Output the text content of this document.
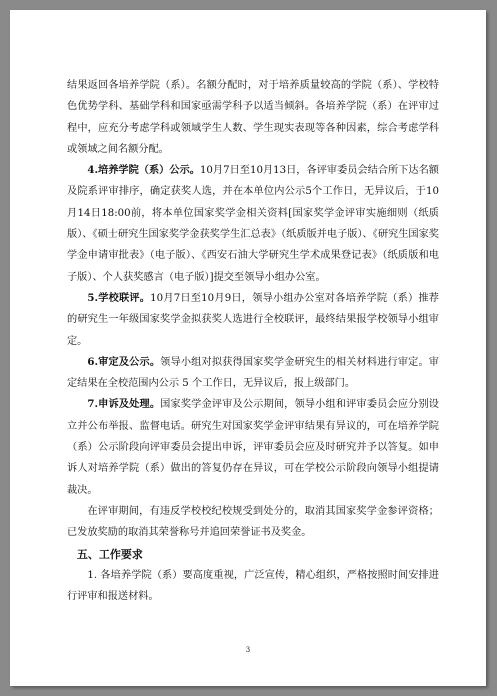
结果返回各培养学院（系）。名额分配时，对于培养质量较高的学院（系）、学校特色优势学科、基础学科和国家亟需学科予以适当倾斜。各培养学院（系）在评审过程中，应充分考虑学科或领域学生人数、学生现实表现等各种因素，综合考虑学科或领域之间名额分配。

4.培养学院（系）公示。10月7日至10月13日，各评审委员会结合所下达名额及院系评审排序，确定获奖人选，并在本单位内公示5个工作日，无异议后，于10月14日18:00前，将本单位国家奖学金相关资料[国家奖学金评审实施细则（纸质版）、《硕士研究生国家奖学金获奖学生汇总表》（纸质版并电子版）、《研究生国家奖学金申请审批表》（电子版）、《西安石油大学研究生学术成果登记表》（纸质版和电子版）、个人获奖感言（电子版）]提交至领导小组办公室。

5.学校联评。10月7日至10月9日，领导小组办公室对各培养学院（系）推荐的研究生一年级国家奖学金拟获奖人选进行全校联评，最终结果报学校领导小组审定。

6.审定及公示。领导小组对拟获得国家奖学金研究生的相关材料进行审定。审定结果在全校范围内公示 5 个工作日，无异议后，报上级部门。

7.申诉及处理。国家奖学金评审及公示期间，领导小组和评审委员会应分别设立并公布举报、监督电话。研究生对国家奖学金评审结果有异议的，可在培养学院（系）公示阶段向评审委员会提出申诉，评审委员会应及时研究并予以答复。如申诉人对培养学院（系）做出的答复仍存在异议，可在学校公示阶段向领导小组提请裁决。

在评审期间，有违反学校校纪校规受到处分的，取消其国家奖学金参评资格；已发放奖励的取消其荣誉称号并追回荣誉证书及奖金。

五、工作要求

1. 各培养学院（系）要高度重视，广泛宣传，精心组织，严格按照时间安排进行评审和报送材料。

3
